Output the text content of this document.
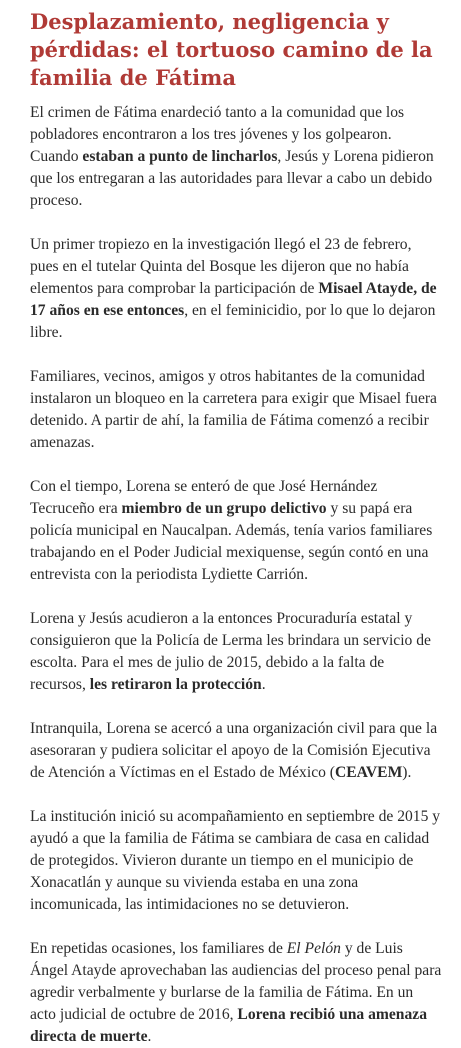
Desplazamiento, negligencia y pérdidas: el tortuoso camino de la familia de Fátima

El crimen de Fátima enardeció tanto a la comunidad que los pobladores encontraron a los tres jóvenes y los golpearon. Cuando estaban a punto de lincharlos, Jesús y Lorena pidieron que los entregaran a las autoridades para llevar a cabo un debido proceso.

Un primer tropiezo en la investigación llegó el 23 de febrero, pues en el tutelar Quinta del Bosque les dijeron que no había elementos para comprobar la participación de Misael Atayde, de 17 años en ese entonces, en el feminicidio, por lo que lo dejaron libre.

Familiares, vecinos, amigos y otros habitantes de la comunidad instalaron un bloqueo en la carretera para exigir que Misael fuera detenido. A partir de ahí, la familia de Fátima comenzó a recibir amenazas.

Con el tiempo, Lorena se enteró de que José Hernández Tecruceño era miembro de un grupo delictivo y su papá era policía municipal en Naucalpan. Además, tenía varios familiares trabajando en el Poder Judicial mexiquense, según contó en una entrevista con la periodista Lydiette Carrión.

Lorena y Jesús acudieron a la entonces Procuraduría estatal y consiguieron que la Policía de Lerma les brindara un servicio de escolta. Para el mes de julio de 2015, debido a la falta de recursos, les retiraron la protección.

Intranquila, Lorena se acercó a una organización civil para que la asesoraran y pudiera solicitar el apoyo de la Comisión Ejecutiva de Atención a Víctimas en el Estado de México (CEAVEM).

La institución inició su acompañamiento en septiembre de 2015 y ayudó a que la familia de Fátima se cambiara de casa en calidad de protegidos. Vivieron durante un tiempo en el municipio de Xonacatlán y aunque su vivienda estaba en una zona incomunicada, las intimidaciones no se detuvieron.

En repetidas ocasiones, los familiares de El Pelón y de Luis Ángel Atayde aprovechaban las audiencias del proceso penal para agredir verbalmente y burlarse de la familia de Fátima. En un acto judicial de octubre de 2016, Lorena recibió una amenaza directa de muerte.
